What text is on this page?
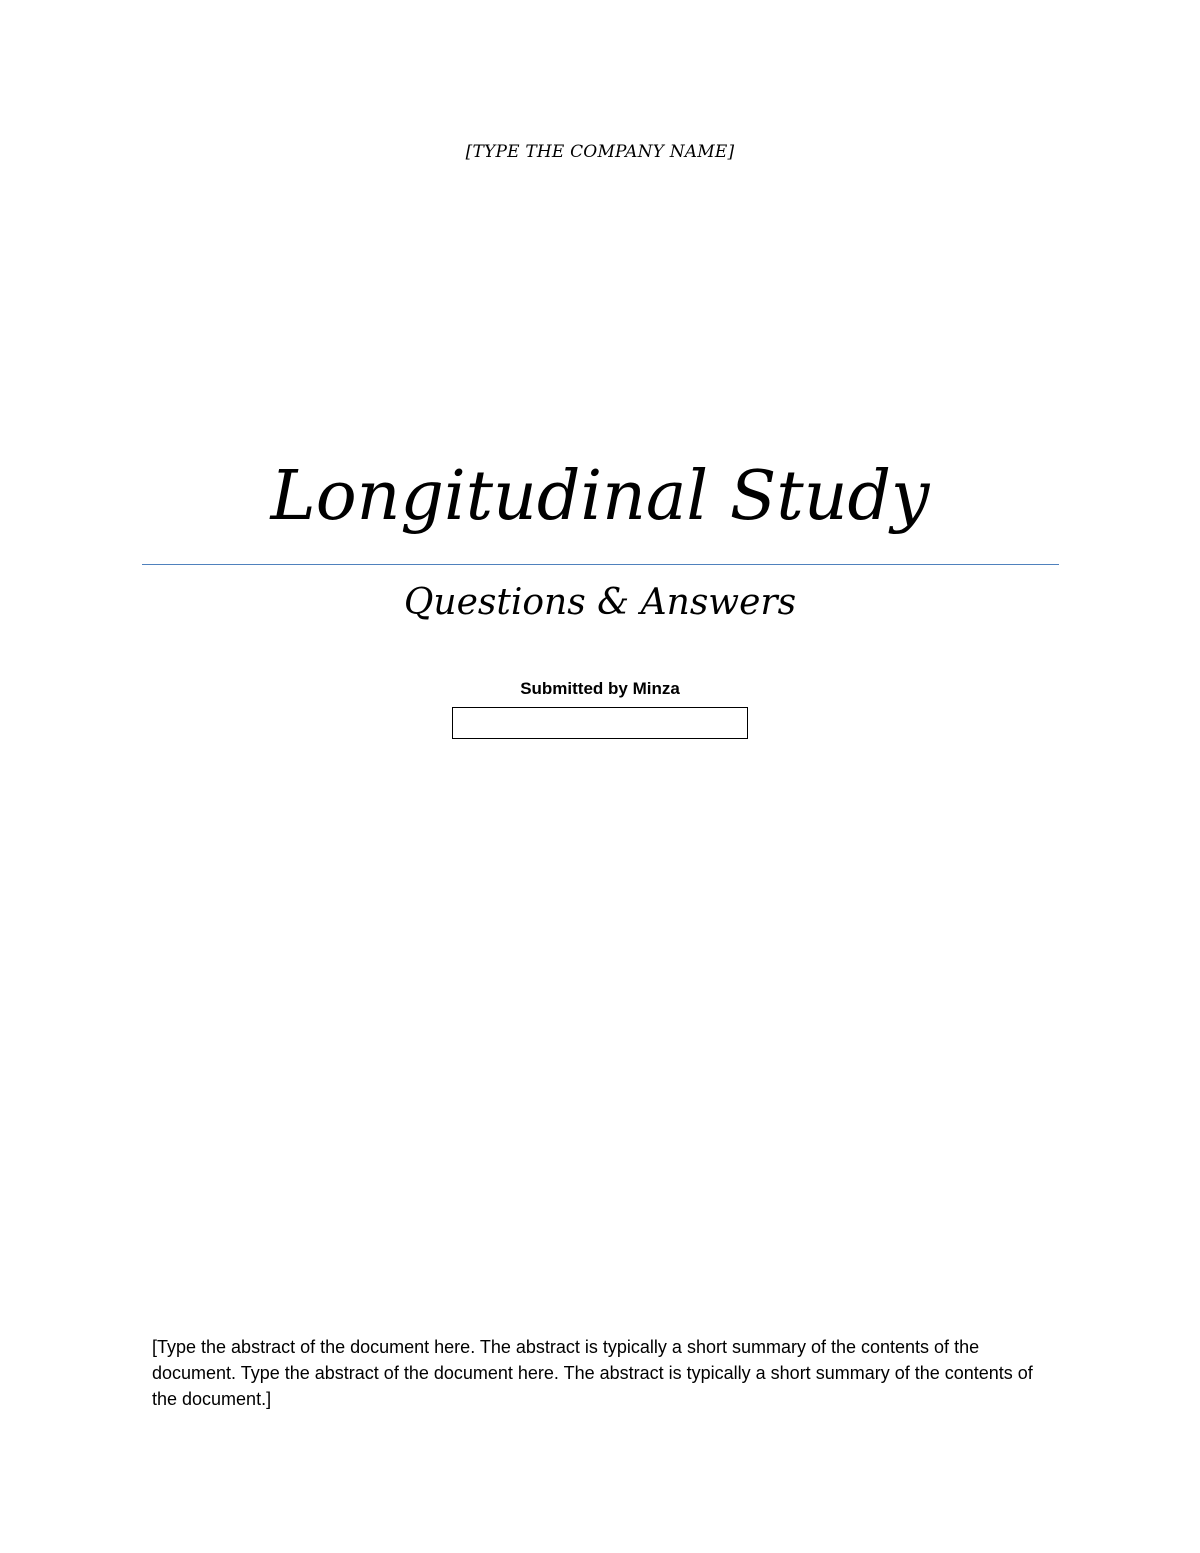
[TYPE THE COMPANY NAME]
Longitudinal Study
Questions & Answers
Submitted by Minza
[Type the abstract of the document here. The abstract is typically a short summary of the contents of the document. Type the abstract of the document here. The abstract is typically a short summary of the contents of the document.]
